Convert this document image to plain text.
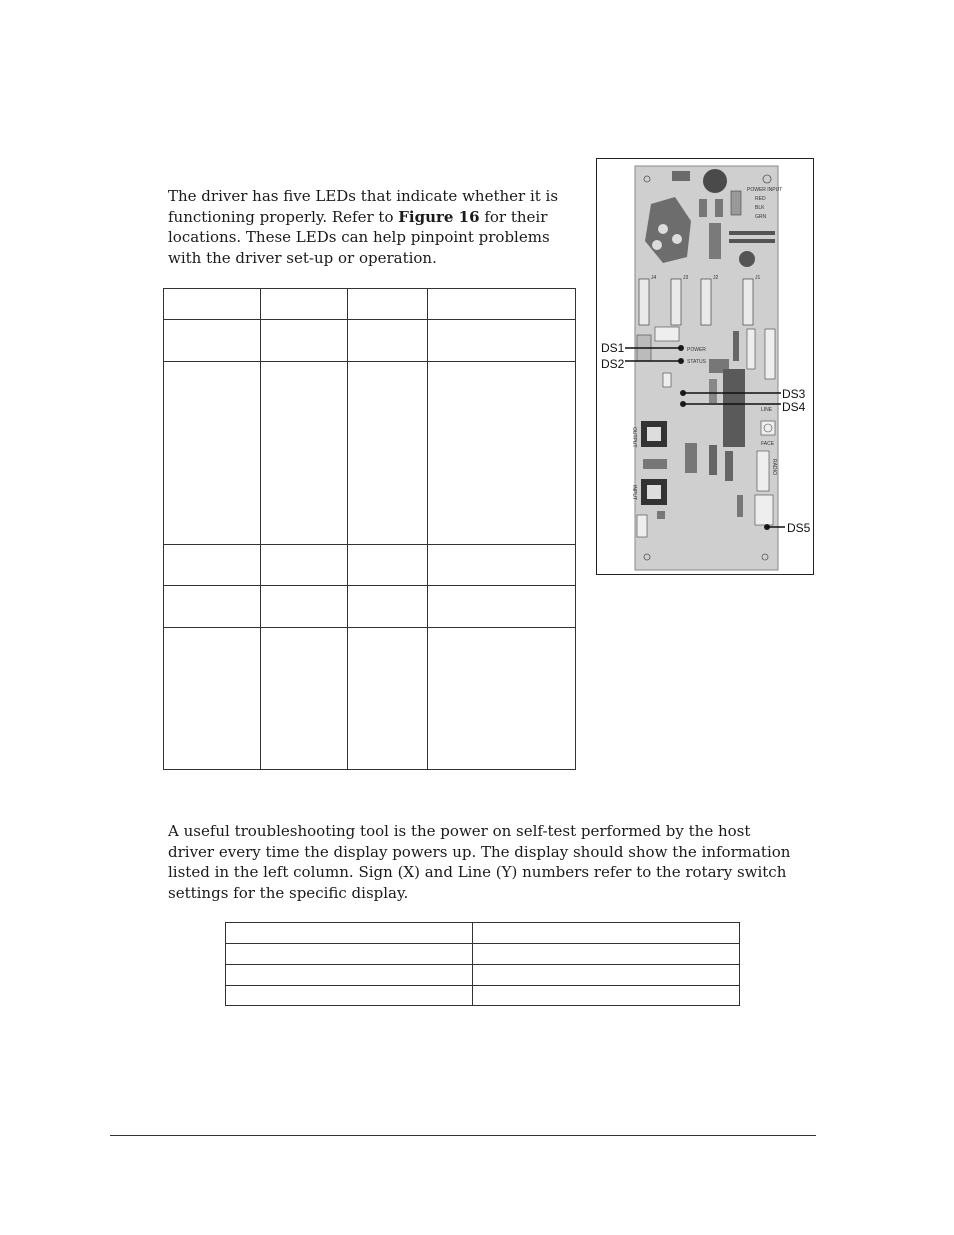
The driver has five LEDs that indicate whether it is functioning properly. Refer to Figure 16 for their locations. These LEDs can help pinpoint problems with the driver set-up or operation.

POWER INPUT
RED
BLK
GRN
J4	J3	J2	J1
POWER
STATUS
LINE
FACE
OUTPUT
INPUT
RADIO
DS1
DS2
DS3
DS4
DS5

A useful troubleshooting tool is the power on self-test performed by the host driver every time the display powers up. The display should show the information listed in the left column. Sign (X) and Line (Y) numbers refer to the rotary switch settings for the specific display.
